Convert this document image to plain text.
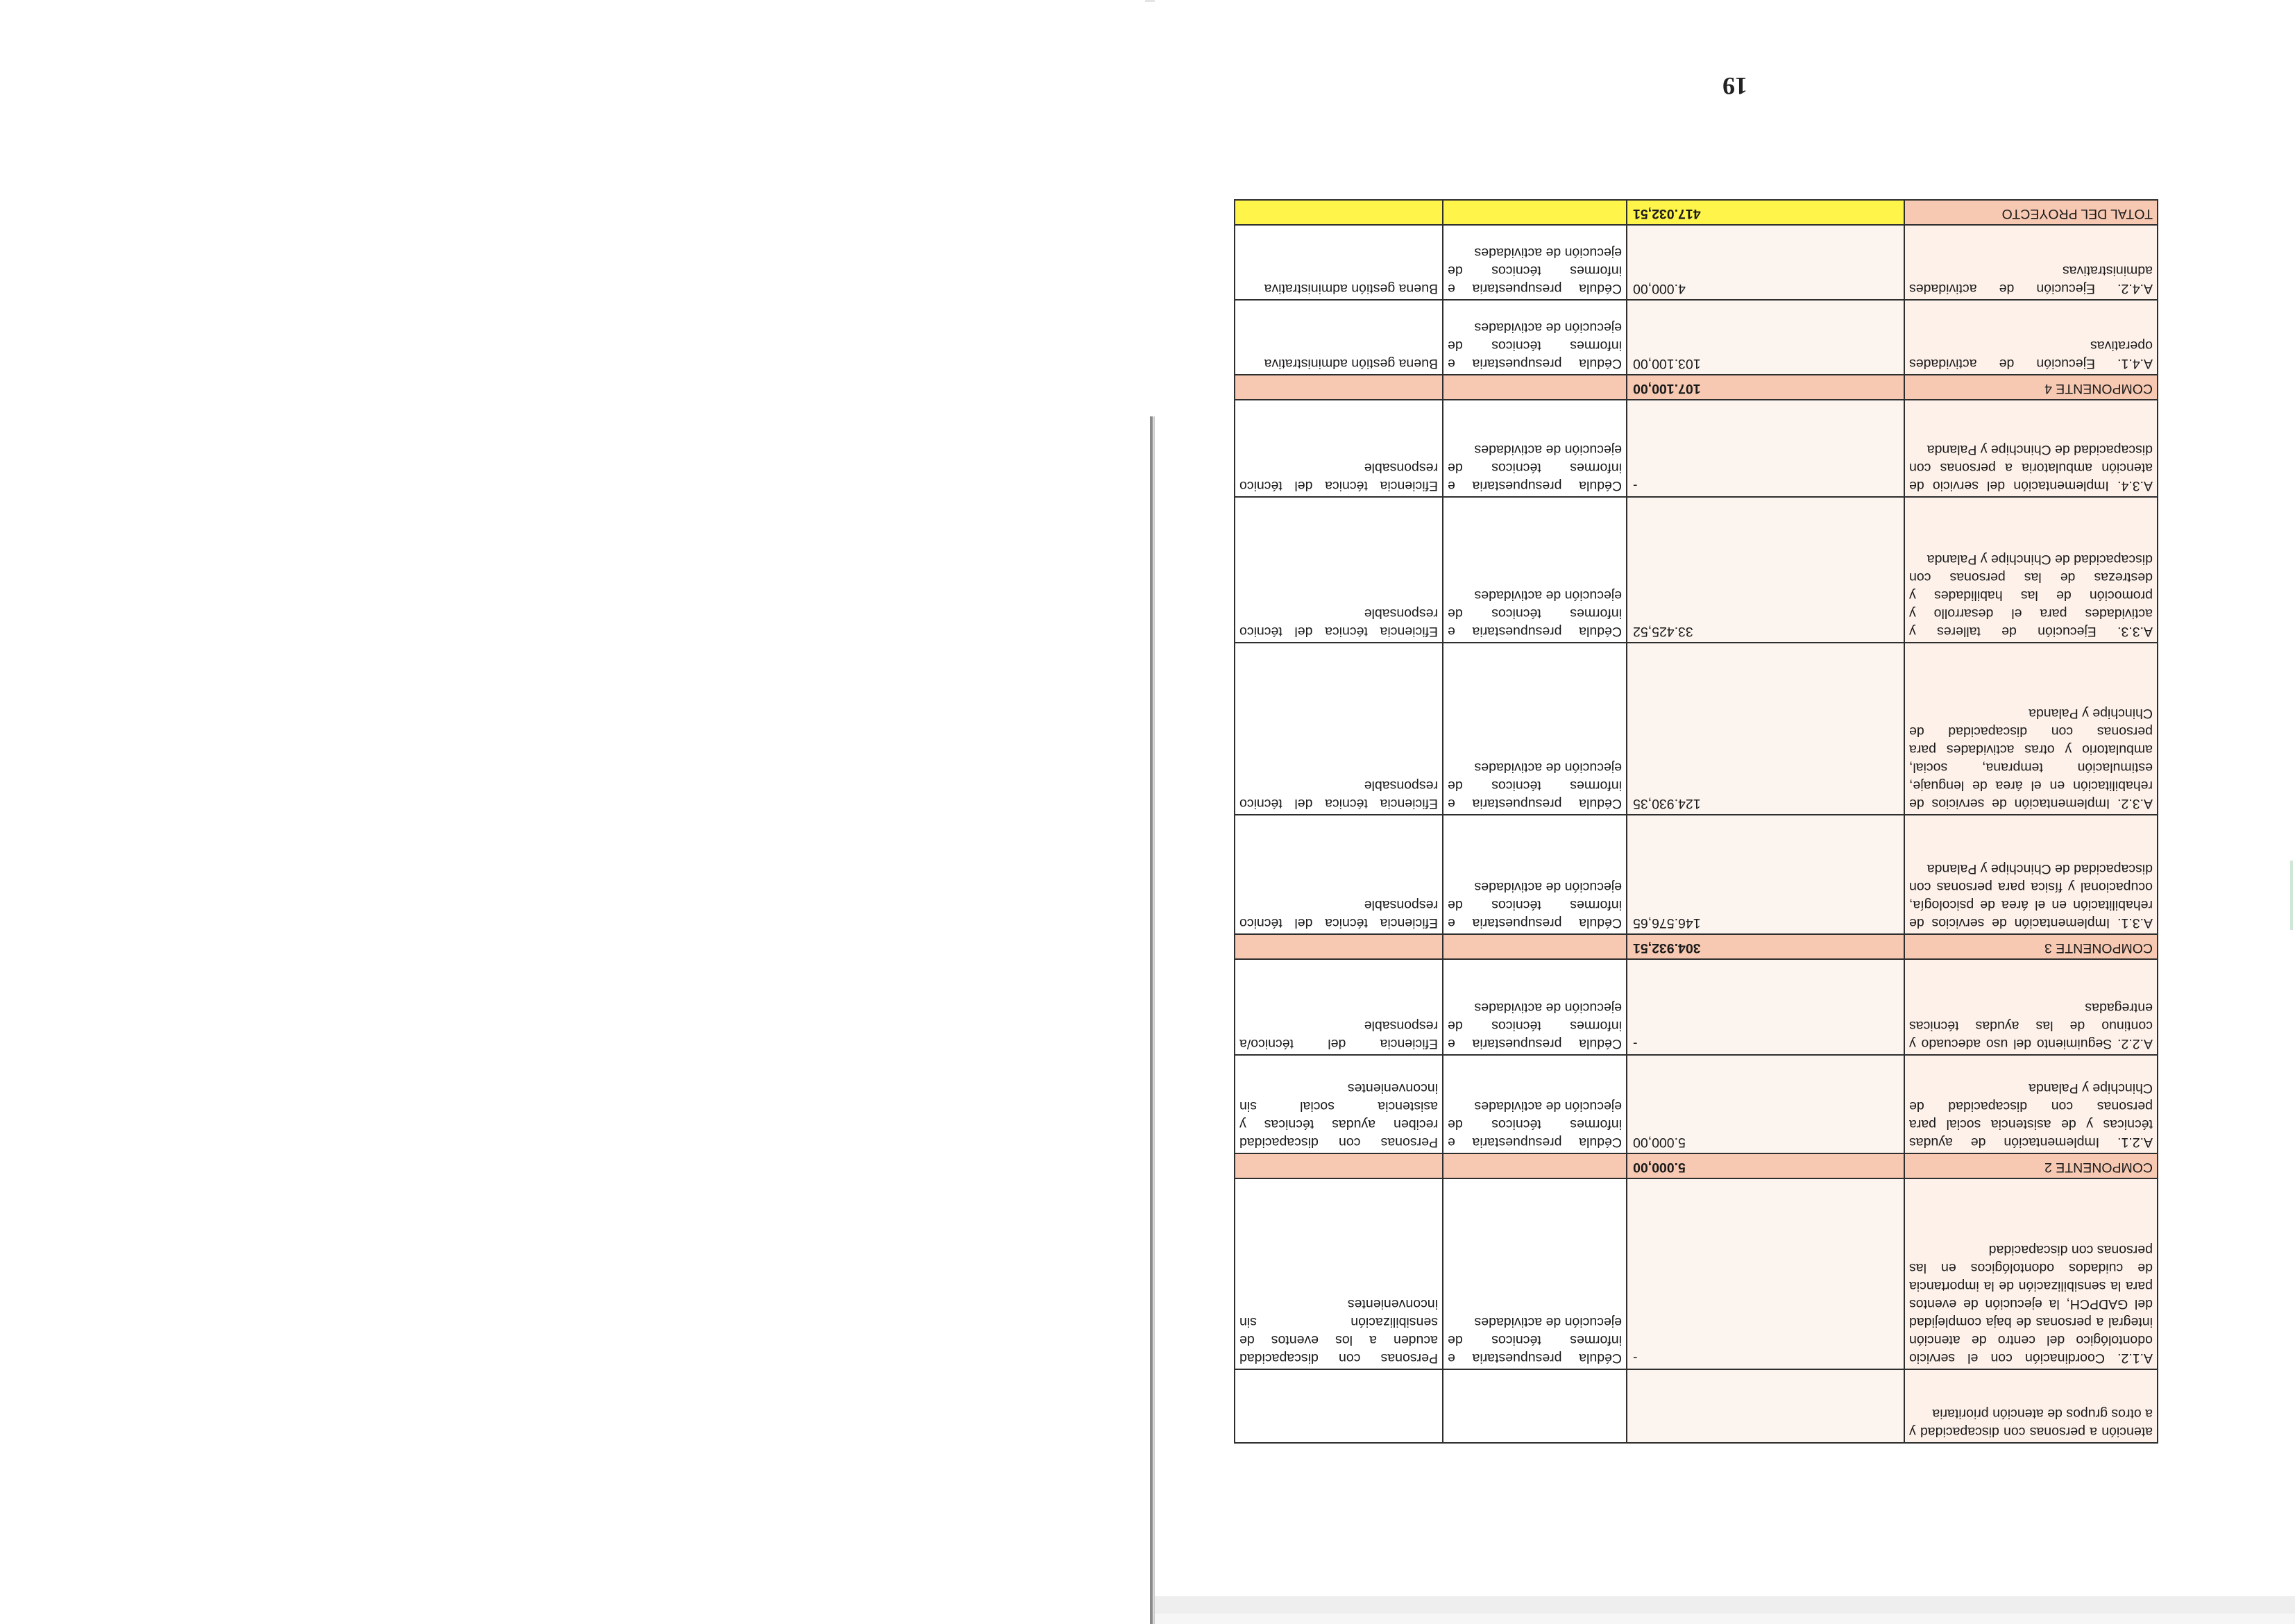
atención a personas con discapacidad y a otros grupos de atención prioritaria			
A.1.2. Coordinación con el servicio odontológico del centro de atención integral a personas de baja complejidad del GADPCH, la ejecución de eventos para la sensibilización de la importancia de cuidados odontológicos en las personas con discapacidad	-	Cédula presupuestaria e informes técnicos de ejecución de actividades	Personas con discapacidad acuden a los eventos de sensibilización sin inconvenientes
COMPONENTE 2	5.000,00		
A.2.1. Implementación de ayudas técnicas y de asistencia social para personas con discapacidad de Chinchipe y Palanda	5.000,00	Cédula presupuestaria e informes técnicos de ejecución de actividades	Personas con discapacidad reciben ayudas técnicas y asistencia social sin inconvenientes
A.2.2. Seguimiento del uso adecuado y continuo de las ayudas técnicas entregadas	-	Cédula presupuestaria e informes técnicos de ejecución de actividades	Eficiencia del técnico/a responsable
COMPONENTE 3	304.932,51		
A.3.1. Implementación de servicios de rehabilitación en el área de psicología, ocupacional y física para personas con discapacidad de Chinchipe y Palanda	146.576,65	Cédula presupuestaria e informes técnicos de ejecución de actividades	Eficiencia técnica del técnico responsable
A.3.2. Implementación de servicios de rehabilitación en el área de lenguaje, estimulación temprana, social, ambulatorio y otras actividades para personas con discapacidad de Chinchipe y Palanda	124.930,35	Cédula presupuestaria e informes técnicos de ejecución de actividades	Eficiencia técnica del técnico responsable
A.3.3. Ejecución de talleres y actividades para el desarrollo y promoción de las habilidades y destrezas de las personas con discapacidad de Chinchipe y Palanda	33.425,52	Cédula presupuestaria e informes técnicos de ejecución de actividades	Eficiencia técnica del técnico responsable
A.3.4. Implementación del servicio de atención ambulatoria a personas con discapacidad de Chinchipe y Palanda	-	Cédula presupuestaria e informes técnicos de ejecución de actividades	Eficiencia técnica del técnico responsable
COMPONENTE 4	107.100,00		
A.4.1. Ejecución de actividades operativas	103.100,00	Cédula presupuestaria e informes técnicos de ejecución de actividades	Buena gestión administrativa
A.4.2. Ejecución de actividades administrativas	4.000,00	Cédula presupuestaria e informes técnicos de ejecución de actividades	Buena gestión administrativa
TOTAL DEL PROYECTO	417.032,51		
19
